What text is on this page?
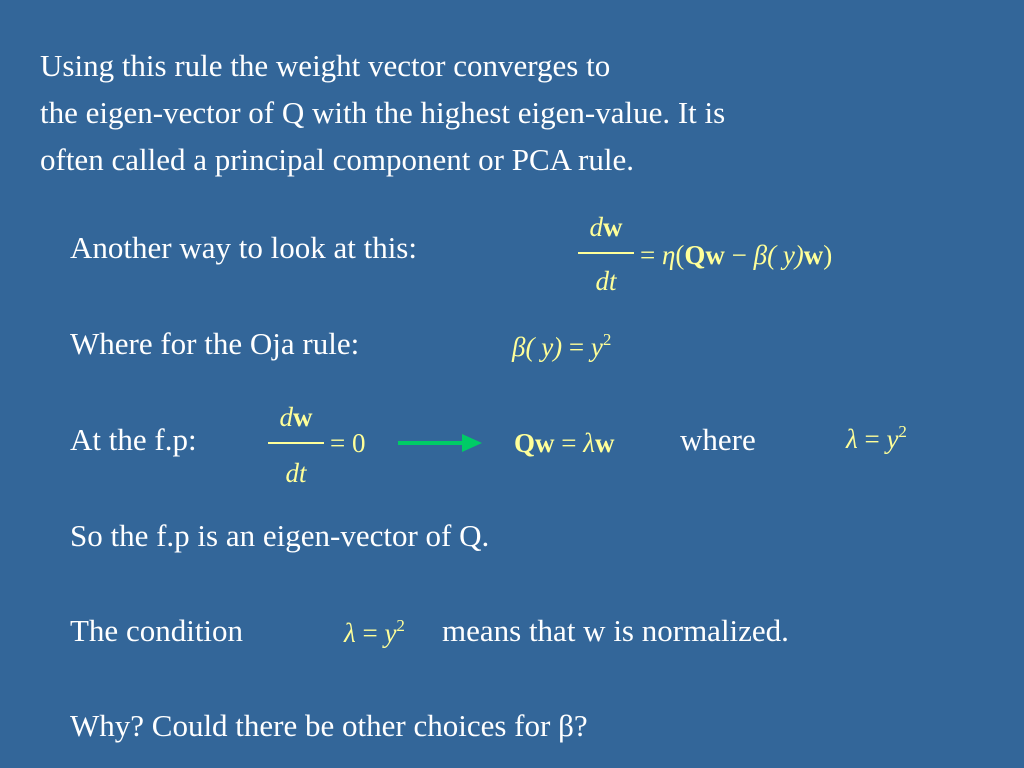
Using this rule the weight vector converges to
the eigen-vector of Q with the highest eigen-value. It is
often called a principal component or PCA rule.
Another way to look at this:
dw
dt
= η(Qw − β( y)w)
Where for the Oja rule:	β( $y) = y^2$
At the f.p:
dw
dt
= 0	Qw = λw where	$\lambda = y^2$
So the f.p is an eigen-vector of Q.
The condition	$\lambda = y^2$ means that w is normalized.
Why? Could there be other choices for β?
